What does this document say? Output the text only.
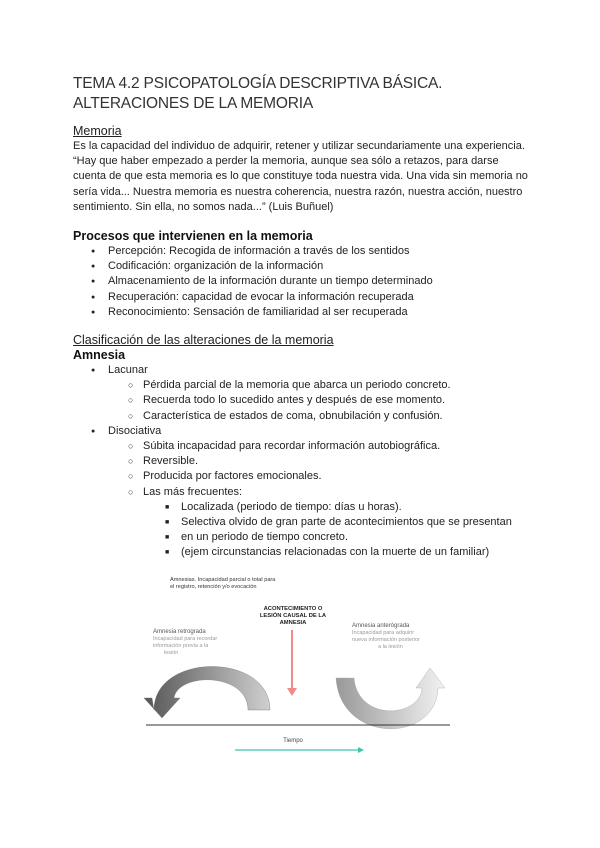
TEMA 4.2 PSICOPATOLOGÍA DESCRIPTIVA BÁSICA.
ALTERACIONES DE LA MEMORIA
Memoria
Es la capacidad del individuo de adquirir, retener y utilizar secundariamente una experiencia. “Hay que haber empezado a perder la memoria, aunque sea sólo a retazos, para darse cuenta de que esta memoria es lo que constituye toda nuestra vida. Una vida sin memoria no sería vida... Nuestra memoria es nuestra coherencia, nuestra razón, nuestra acción, nuestro sentimiento. Sin ella, no somos nada...” (Luis Buñuel)
Procesos que intervienen en la memoria
● Percepción: Recogida de información a través de los sentidos
● Codificación: organización de la información
● Almacenamiento de la información durante un tiempo determinado
● Recuperación: capacidad de evocar la información recuperada
● Reconocimiento: Sensación de familiaridad al ser recuperada
Clasificación de las alteraciones de la memoria
Amnesia
● Lacunar
○ Pérdida parcial de la memoria que abarca un periodo concreto.
○ Recuerda todo lo sucedido antes y después de ese momento.
○ Característica de estados de coma, obnubilación y confusión.
● Disociativa
○ Súbita incapacidad para recordar información autobiográfica.
○ Reversible.
○ Producida por factores emocionales.
○ Las más frecuentes:
■ Localizada (periodo de tiempo: días u horas).
■ Selectiva olvido de gran parte de acontecimientos que se presentan
■ en un periodo de tiempo concreto.
■ (ejem circunstancias relacionadas con la muerte de un familiar)
Amnesias. Incapacidad parcial o total para
el registro, retención y/o evocación
ACONTECIMIENTO O
LESIÓN CAUSAL DE LA
AMNESIA
Amnesia retrograda
Incapacidad para recordar
información previa a la
lesión
Amnesia anterógrada
Incapacidad para adquirir
nueva información posterior
a la lesión
Tiempo
